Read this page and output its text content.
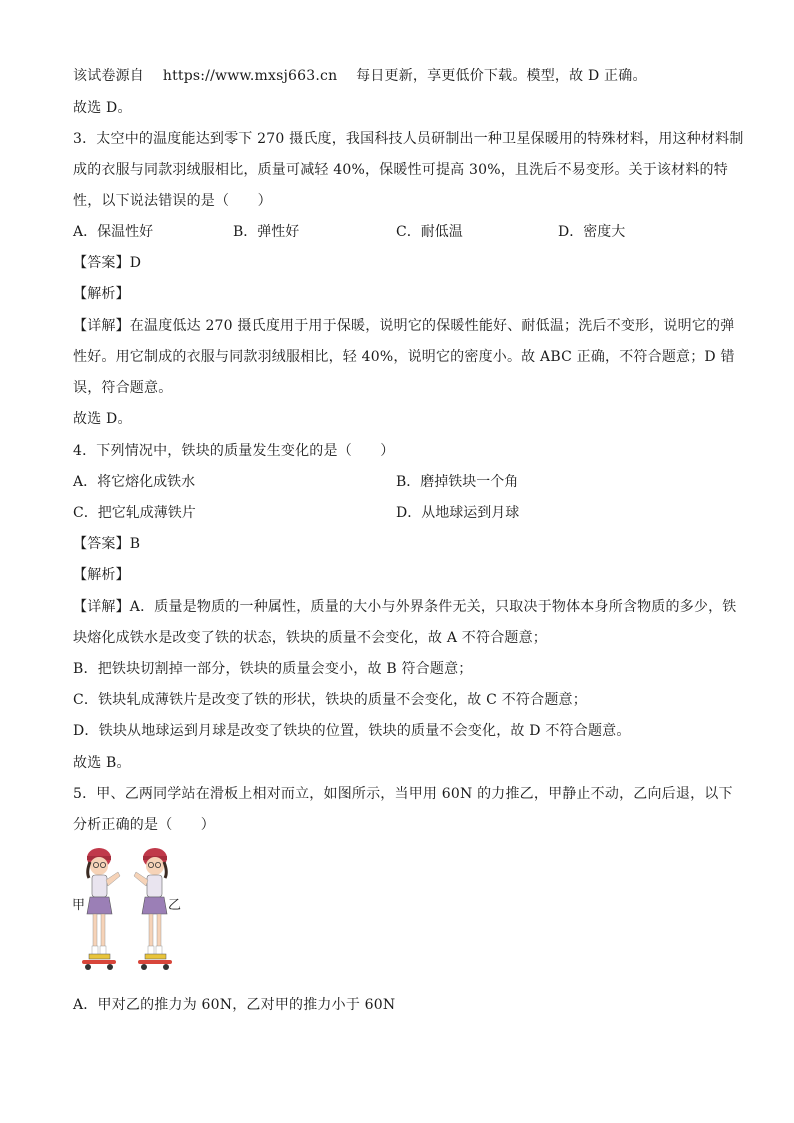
该试卷源自　 https://www.mxsj663.cn　 每日更新，享更低价下载。模型，故 D 正确。
故选 D。
3．太空中的温度能达到零下 270 摄氏度，我国科技人员研制出一种卫星保暖用的特殊材料，用这种材料制
成的衣服与同款羽绒服相比，质量可减轻 40%，保暖性可提高 30%，且洗后不易变形。关于该材料的特
性，以下说法错误的是（　　）
A．保温性好	B．弹性好	C．耐低温	D．密度大
【答案】D
【解析】
【详解】在温度低达 270 摄氏度用于用于保暖，说明它的保暖性能好、耐低温；洗后不变形，说明它的弹
性好。用它制成的衣服与同款羽绒服相比，轻 40%，说明它的密度小。故 ABC 正确，不符合题意；D 错
误，符合题意。
故选 D。
4．下列情况中，铁块的质量发生变化的是（　　）
A．将它熔化成铁水	B．磨掉铁块一个角
C．把它轧成薄铁片	D．从地球运到月球
【答案】B
【解析】
【详解】A．质量是物质的一种属性，质量的大小与外界条件无关，只取决于物体本身所含物质的多少，铁
块熔化成铁水是改变了铁的状态，铁块的质量不会变化，故 A 不符合题意；
B．把铁块切割掉一部分，铁块的质量会变小，故 B 符合题意；
C．铁块轧成薄铁片是改变了铁的形状，铁块的质量不会变化，故 C 不符合题意；
D．铁块从地球运到月球是改变了铁块的位置，铁块的质量不会变化，故 D 不符合题意。
故选 B。
5．甲、乙两同学站在滑板上相对而立，如图所示，当甲用 60N 的力推乙，甲静止不动，乙向后退，以下
分析正确的是（　　）
甲	乙
A．甲对乙的推力为 60N，乙对甲的推力小于 60N
